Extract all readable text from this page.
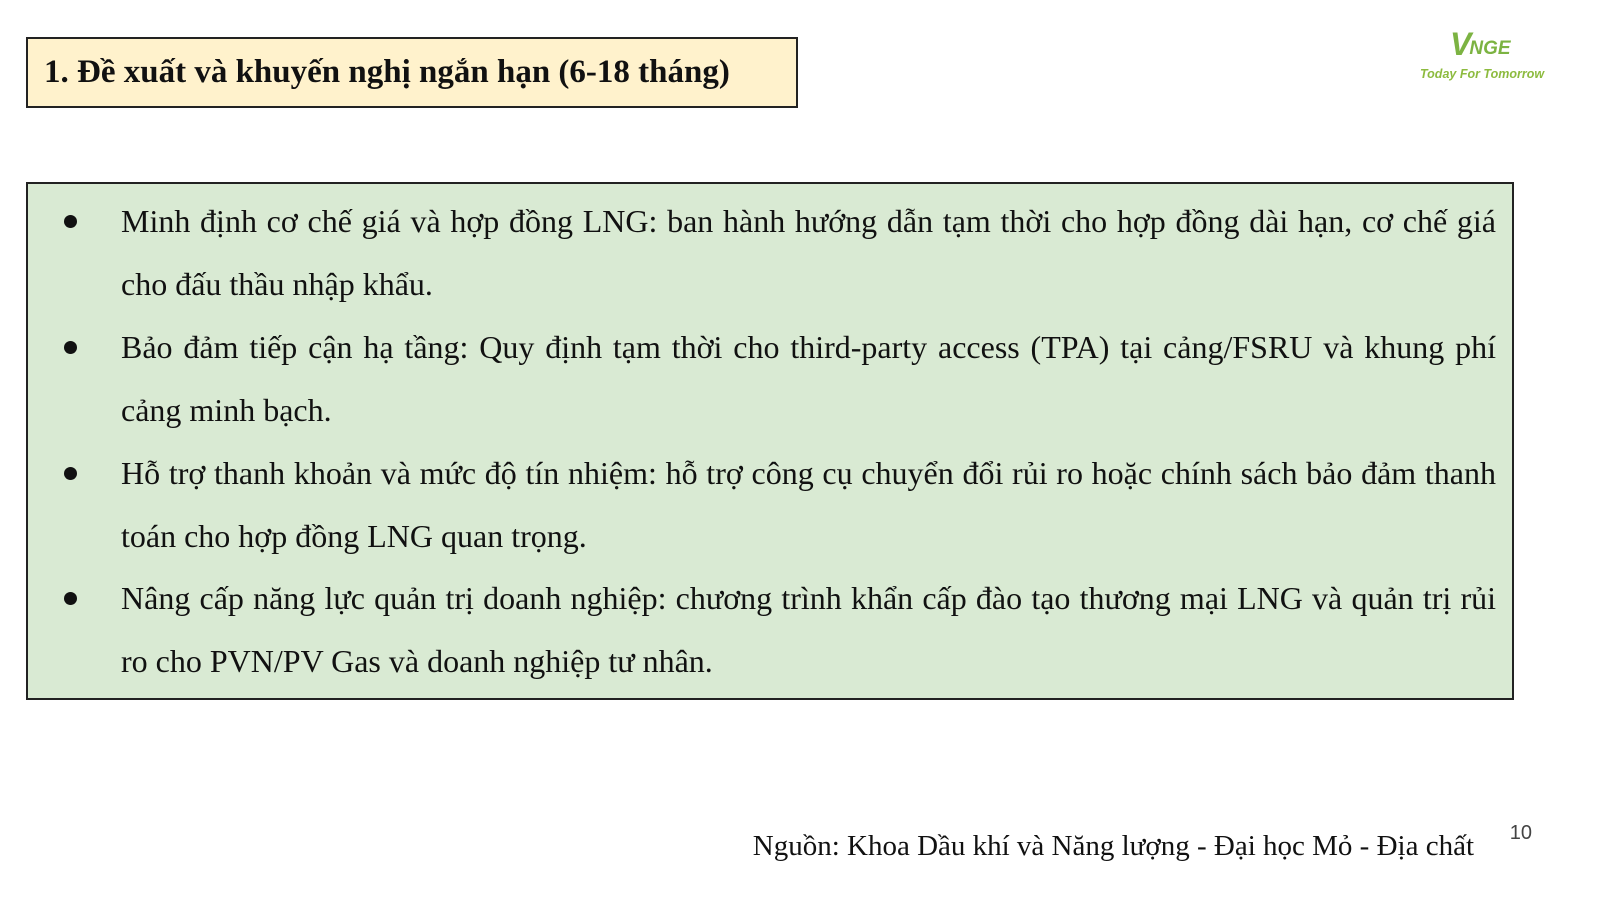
1. Đề xuất và khuyến nghị ngắn hạn (6-18 tháng)
V
NGE
Today For Tomorrow

Minh định cơ chế giá và hợp đồng LNG: ban hành hướng dẫn tạm thời cho hợp đồng dài hạn, cơ chế giá cho đấu thầu nhập khẩu.

Bảo đảm tiếp cận hạ tầng: Quy định tạm thời cho third-party access (TPA) tại cảng/FSRU và khung phí cảng minh bạch.

Hỗ trợ thanh khoản và mức độ tín nhiệm: hỗ trợ công cụ chuyển đổi rủi ro hoặc chính sách bảo đảm thanh toán cho hợp đồng LNG quan trọng.

Nâng cấp năng lực quản trị doanh nghiệp: chương trình khẩn cấp đào tạo thương mại LNG và quản trị rủi ro cho PVN/PV Gas và doanh nghiệp tư nhân.

Nguồn: Khoa Dầu khí và Năng lượng - Đại học Mỏ - Địa chất 10
